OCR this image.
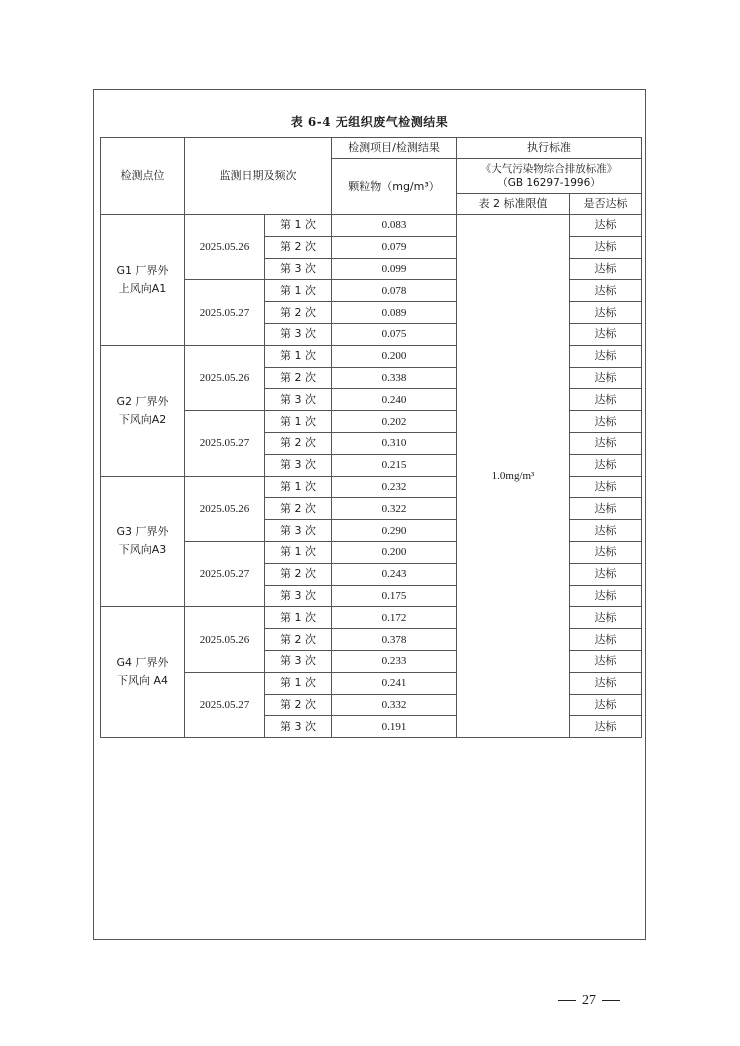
表 6-4 无组织废气检测结果
检测点位	监测日期及频次		检测项目/检测结果	执行标准	
			颗粒物（mg/m³）	《大气污染物综合排放标准》
（GB 16297-1996）	

				表 2 标准限值	是否达标
G1 厂界外上风向A1	2025.05.26	第 1 次	0.083	1.0mg/m³	达标
		第 2 次	0.079		达标
		第 3 次	0.099		达标
	2025.05.27	第 1 次	0.078		达标
		第 2 次	0.089		达标
		第 3 次	0.075		达标
G2 厂界外下风向A2	2025.05.26	第 1 次	0.200		达标
		第 2 次	0.338		达标
		第 3 次	0.240		达标
	2025.05.27	第 1 次	0.202		达标
		第 2 次	0.310		达标
		第 3 次	0.215		达标
G3 厂界外下风向A3	2025.05.26	第 1 次	0.232		达标
		第 2 次	0.322		达标
		第 3 次	0.290		达标
	2025.05.27	第 1 次	0.200		达标
		第 2 次	0.243		达标
		第 3 次	0.175		达标
G4 厂界外下风向 A4	2025.05.26	第 1 次	0.172		达标
		第 2 次	0.378		达标
		第 3 次	0.233		达标
	2025.05.27	第 1 次	0.241		达标
		第 2 次	0.332		达标
		第 3 次	0.191		达标
27
